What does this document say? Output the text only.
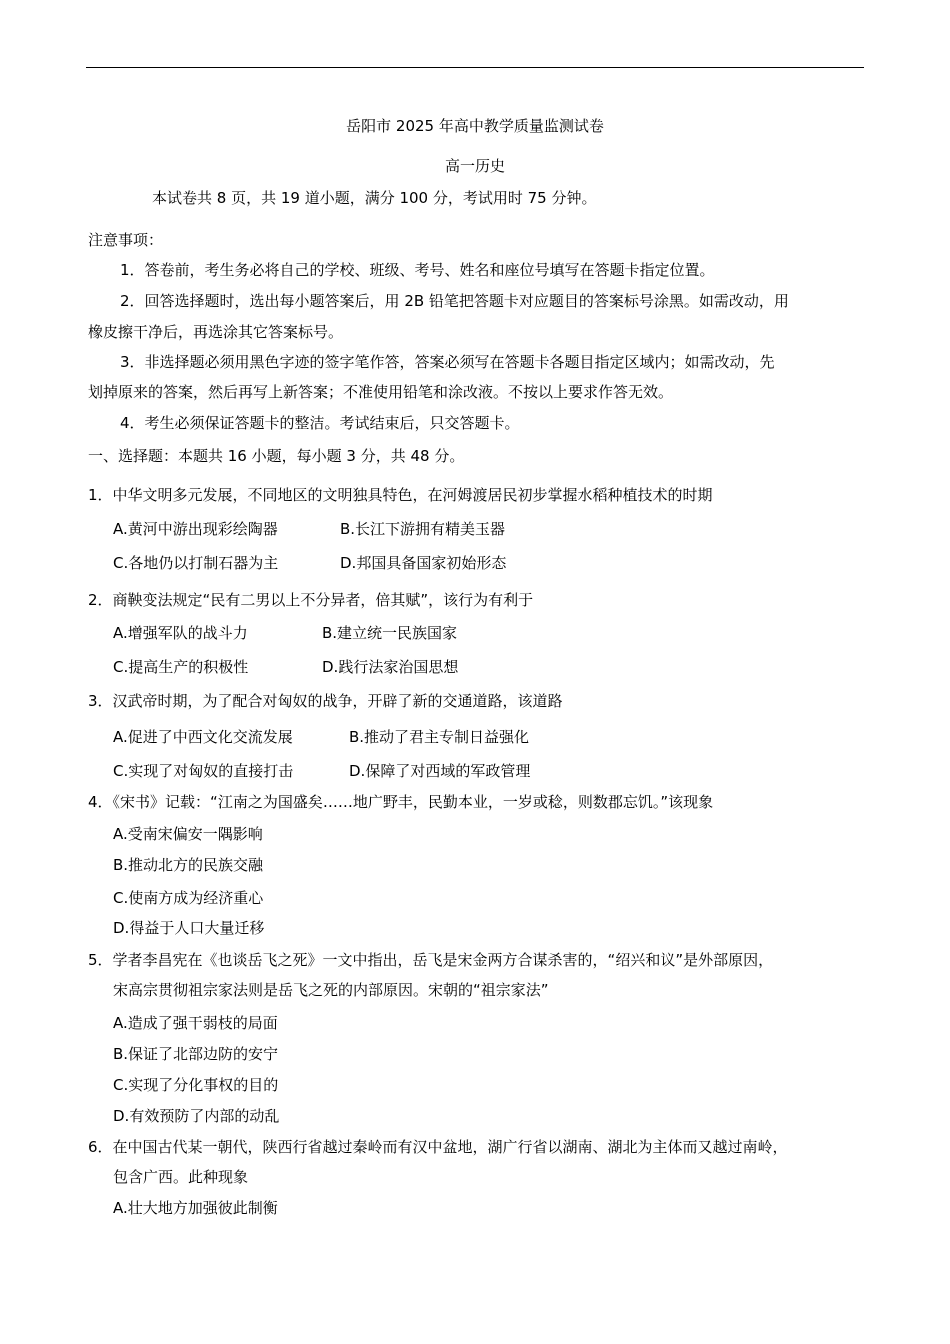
岳阳市 2025 年高中教学质量监测试卷
高一历史
本试卷共 8 页，共 19 道小题，满分 100 分，考试用时 75 分钟。
注意事项：
1．答卷前，考生务必将自己的学校、班级、考号、姓名和座位号填写在答题卡指定位置。
2．回答选择题时，选出每小题答案后，用 2B 铅笔把答题卡对应题目的答案标号涂黑。如需改动，用
橡皮擦干净后，再选涂其它答案标号。
3．非选择题必须用黑色字迹的签字笔作答，答案必须写在答题卡各题目指定区域内；如需改动，先
划掉原来的答案，然后再写上新答案；不准使用铅笔和涂改液。不按以上要求作答无效。
4．考生必须保证答题卡的整洁。考试结束后，只交答题卡。
一、选择题：本题共 16 小题，每小题 3 分，共 48 分。
1．中华文明多元发展，不同地区的文明独具特色，在河姆渡居民初步掌握水稻种植技术的时期
A.黄河中游出现彩绘陶器	B.长江下游拥有精美玉器
C.各地仍以打制石器为主	D.邦国具备国家初始形态
2．商鞅变法规定“民有二男以上不分异者，倍其赋”，该行为有利于
A.增强军队的战斗力	B.建立统一民族国家
C.提高生产的积极性	D.践行法家治国思想
3．汉武帝时期，为了配合对匈奴的战争，开辟了新的交通道路，该道路
A.促进了中西文化交流发展	B.推动了君主专制日益强化
C.实现了对匈奴的直接打击	D.保障了对西域的军政管理
4．《宋书》记载：“江南之为国盛矣……地广野丰，民勤本业，一岁或稔，则数郡忘饥。”该现象
A.受南宋偏安一隅影响
B.推动北方的民族交融
C.使南方成为经济重心
D.得益于人口大量迁移
5．学者李昌宪在《也谈岳飞之死》一文中指出，岳飞是宋金两方合谋杀害的，“绍兴和议”是外部原因，
宋高宗贯彻祖宗家法则是岳飞之死的内部原因。宋朝的“祖宗家法”
A.造成了强干弱枝的局面
B.保证了北部边防的安宁
C.实现了分化事权的目的
D.有效预防了内部的动乱
6．在中国古代某一朝代，陕西行省越过秦岭而有汉中盆地，湖广行省以湖南、湖北为主体而又越过南岭，
包含广西。此种现象
A.壮大地方加强彼此制衡
